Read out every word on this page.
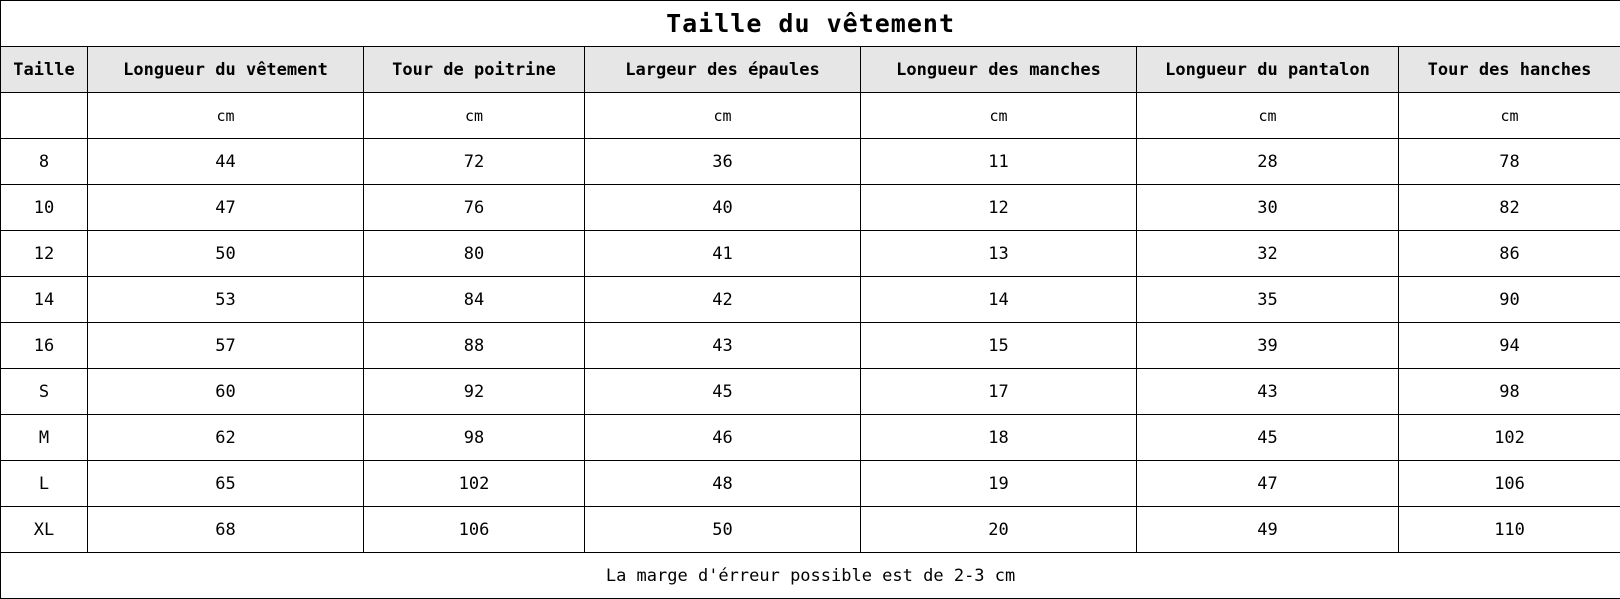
Taille du vêtement						
Taille	Longueur du vêtement	Tour de poitrine	Largeur des épaules	Longueur des manches	Longueur du pantalon	Tour des hanches
	cm	cm	cm	cm	cm	cm
8	44	72	36	11	28	78
10	47	76	40	12	30	82
12	50	80	41	13	32	86
14	53	84	42	14	35	90
16	57	88	43	15	39	94
S	60	92	45	17	43	98
M	62	98	46	18	45	102
L	65	102	48	19	47	106
XL	68	106	50	20	49	110
La marge d'érreur possible est de 2-3 cm						
